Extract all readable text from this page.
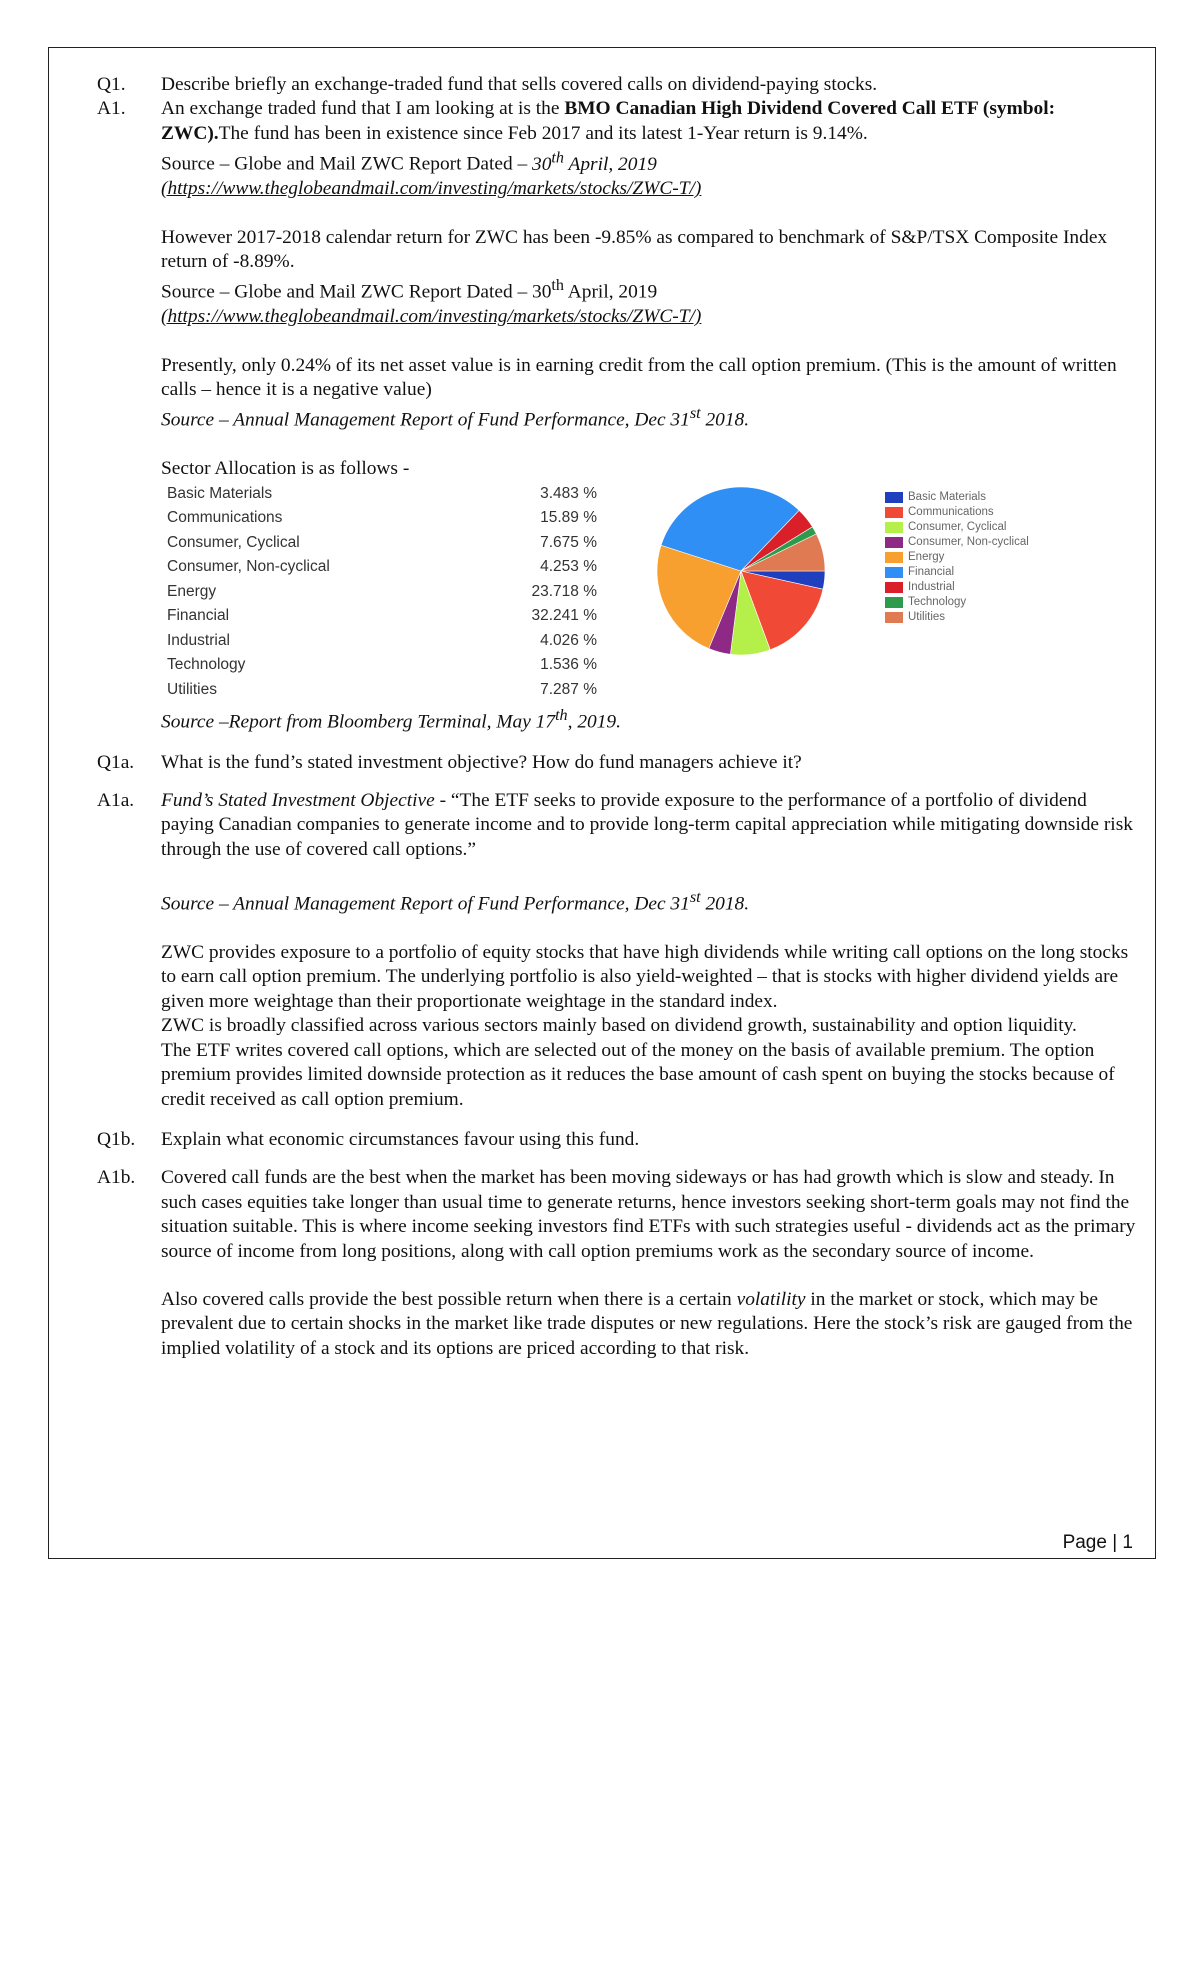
Q1.	Describe briefly an exchange-traded fund that sells covered calls on dividend-paying stocks.
A1.	An exchange traded fund that I am looking at is the BMO Canadian High Dividend Covered Call ETF (symbol: ZWC).The fund has been in existence since Feb 2017 and its latest 1-Year return is 9.14%.
Source – Globe and Mail ZWC Report Dated – 30th April, 2019
(https://www.theglobeandmail.com/investing/markets/stocks/ZWC-T/)
However 2017-2018 calendar return for ZWC has been -9.85% as compared to benchmark of S&P/TSX Composite Index return of -8.89%.
Source – Globe and Mail ZWC Report Dated – 30th April, 2019
(https://www.theglobeandmail.com/investing/markets/stocks/ZWC-T/)
Presently, only 0.24% of its net asset value is in earning credit from the call option premium. (This is the amount of written calls – hence it is a negative value)
Source – Annual Management Report of Fund Performance, Dec 31st 2018.
Sector Allocation is as follows -
Basic Materials	3.483 %
Communications	15.89 %
Consumer, Cyclical	7.675 %
Consumer, Non-cyclical	4.253 %
Energy	23.718 %
Financial	32.241 %
Industrial	4.026 %
Technology	1.536 %
Utilities	7.287 %
Basic Materials
Communications
Consumer, Cyclical
Consumer, Non-cyclical
Energy
Financial
Industrial
Technology
Utilities
Source –Report from Bloomberg Terminal, May 17th, 2019.
Q1a.	What is the fund’s stated investment objective? How do fund managers achieve it?
A1a.	Fund’s Stated Investment Objective - “The ETF seeks to provide exposure to the performance of a portfolio of dividend paying Canadian companies to generate income and to provide long-term capital appreciation while mitigating downside risk through the use of covered call options.”
Source – Annual Management Report of Fund Performance, Dec 31st 2018.
ZWC provides exposure to a portfolio of equity stocks that have high dividends while writing call options on the long stocks to earn call option premium. The underlying portfolio is also yield-weighted – that is stocks with higher dividend yields are given more weightage than their proportionate weightage in the standard index.
ZWC is broadly classified across various sectors mainly based on dividend growth, sustainability and option liquidity.
The ETF writes covered call options, which are selected out of the money on the basis of available premium. The option premium provides limited downside protection as it reduces the base amount of cash spent on buying the stocks because of credit received as call option premium.
Q1b.	Explain what economic circumstances favour using this fund.
A1b.	Covered call funds are the best when the market has been moving sideways or has had growth which is slow and steady. In such cases equities take longer than usual time to generate returns, hence investors seeking short-term goals may not find the situation suitable. This is where income seeking investors find ETFs with such strategies useful - dividends act as the primary source of income from long positions, along with call option premiums work as the secondary source of income.
Also covered calls provide the best possible return when there is a certain volatility in the market or stock, which may be prevalent due to certain shocks in the market like trade disputes or new regulations. Here the stock’s risk are gauged from the implied volatility of a stock and its options are priced according to that risk.
Page | 1
